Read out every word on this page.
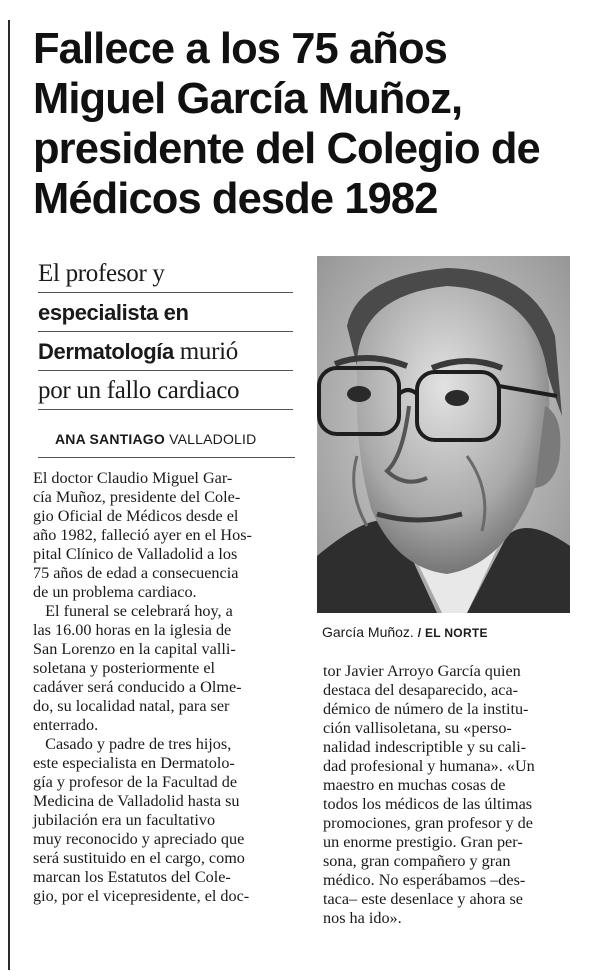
Fallece a los 75 años
Miguel García Muñoz,
presidente del Colegio de
Médicos desde 1982
El profesor y
especialista en
Dermatología murió
por un fallo cardiaco
ANA SANTIAGO VALLADOLID
García Muñoz. / EL NORTE
El doctor Claudio Miguel Gar-
cía Muñoz, presidente del Cole-
gio Oficial de Médicos desde el
año 1982, falleció ayer en el Hos-
pital Clínico de Valladolid a los
75 años de edad a consecuencia
de un problema cardiaco.
El funeral se celebrará hoy, a
las 16.00 horas en la iglesia de
San Lorenzo en la capital valli-
soletana y posteriormente el
cadáver será conducido a Olme-
do, su localidad natal, para ser
enterrado.
Casado y padre de tres hijos,
este especialista en Dermatolo-
gía y profesor de la Facultad de
Medicina de Valladolid hasta su
jubilación era un facultativo
muy reconocido y apreciado que
será sustituido en el cargo, como
marcan los Estatutos del Cole-
gio, por el vicepresidente, el doc-
tor Javier Arroyo García quien
destaca del desaparecido, aca-
démico de número de la institu-
ción vallisoletana, su «perso-
nalidad indescriptible y su cali-
dad profesional y humana». «Un
maestro en muchas cosas de
todos los médicos de las últimas
promociones, gran profesor y de
un enorme prestigio. Gran per-
sona, gran compañero y gran
médico. No esperábamos –des-
taca– este desenlace y ahora se
nos ha ido».
